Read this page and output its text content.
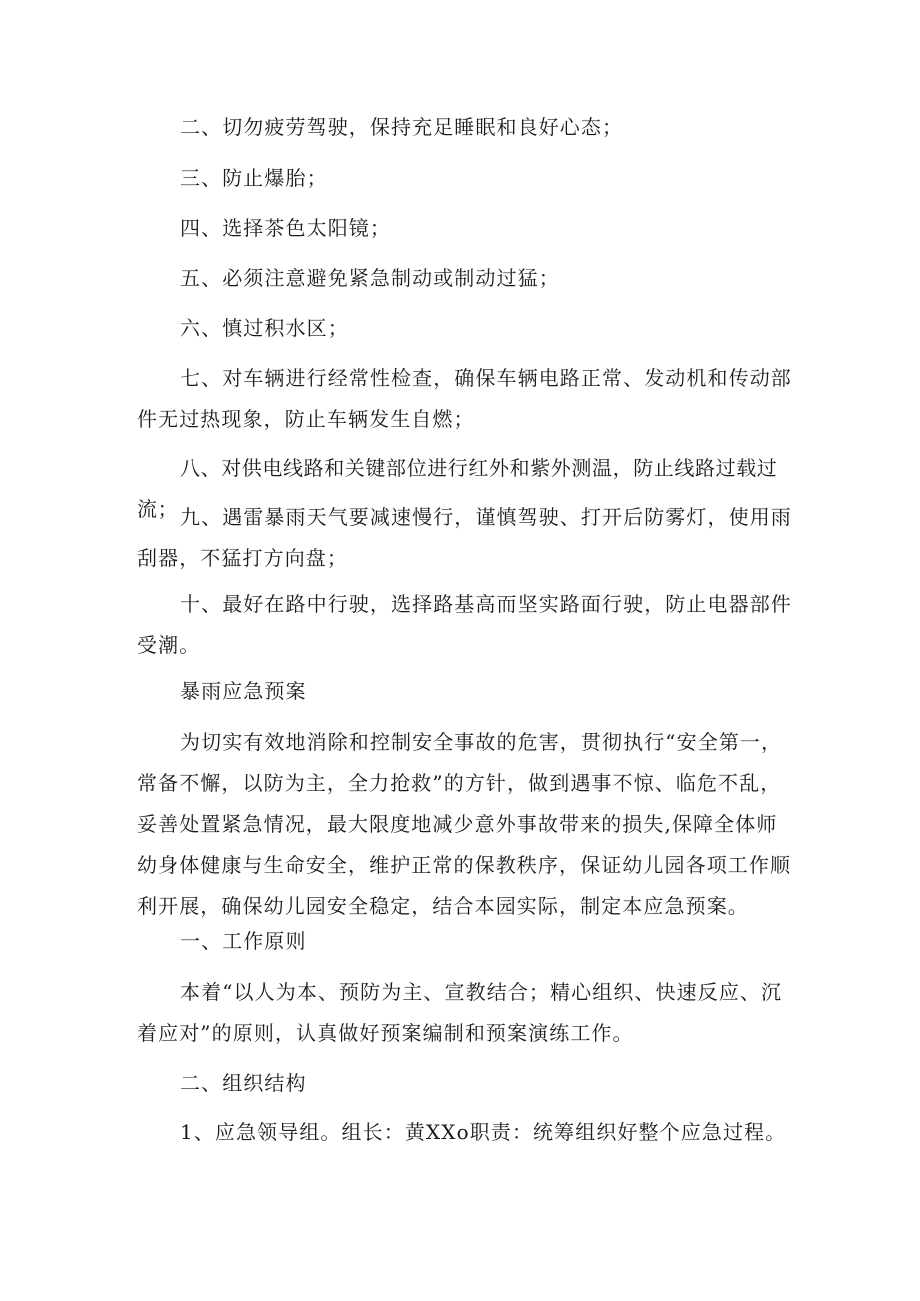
二、切勿疲劳驾驶，保持充足睡眠和良好心态；

三、防止爆胎；

四、选择茶色太阳镜；

五、必须注意避免紧急制动或制动过猛；

六、慎过积水区；

七、对车辆进行经常性检查，确保车辆电路正常、发动机和传动部件无过热现象，防止车辆发生自燃；

八、对供电线路和关键部位进行红外和紫外测温，防止线路过载过流； 九、遇雷暴雨天气要减速慢行，谨慎驾驶、打开后防雾灯，使用雨刮器，不猛打方向盘；

十、最好在路中行驶，选择路基高而坚实路面行驶，防止电器部件受潮。

暴雨应急预案

为切实有效地消除和控制安全事故的危害，贯彻执行“安全第一，常备不懈，以防为主，全力抢救”的方针，做到遇事不惊、临危不乱，妥善处置紧急情况，最大限度地减少意外事故带来的损失,保障全体师幼身体健康与生命安全，维护正常的保教秩序，保证幼儿园各项工作顺利开展，确保幼儿园安全稳定，结合本园实际，制定本应急预案。

一、工作原则

本着“以人为本、预防为主、宣教结合；精心组织、快速反应、沉着应对”的原则，认真做好预案编制和预案演练工作。

二、组织结构

1、应急领导组。组长：黄XXo职责：统筹组织好整个应急过程。
